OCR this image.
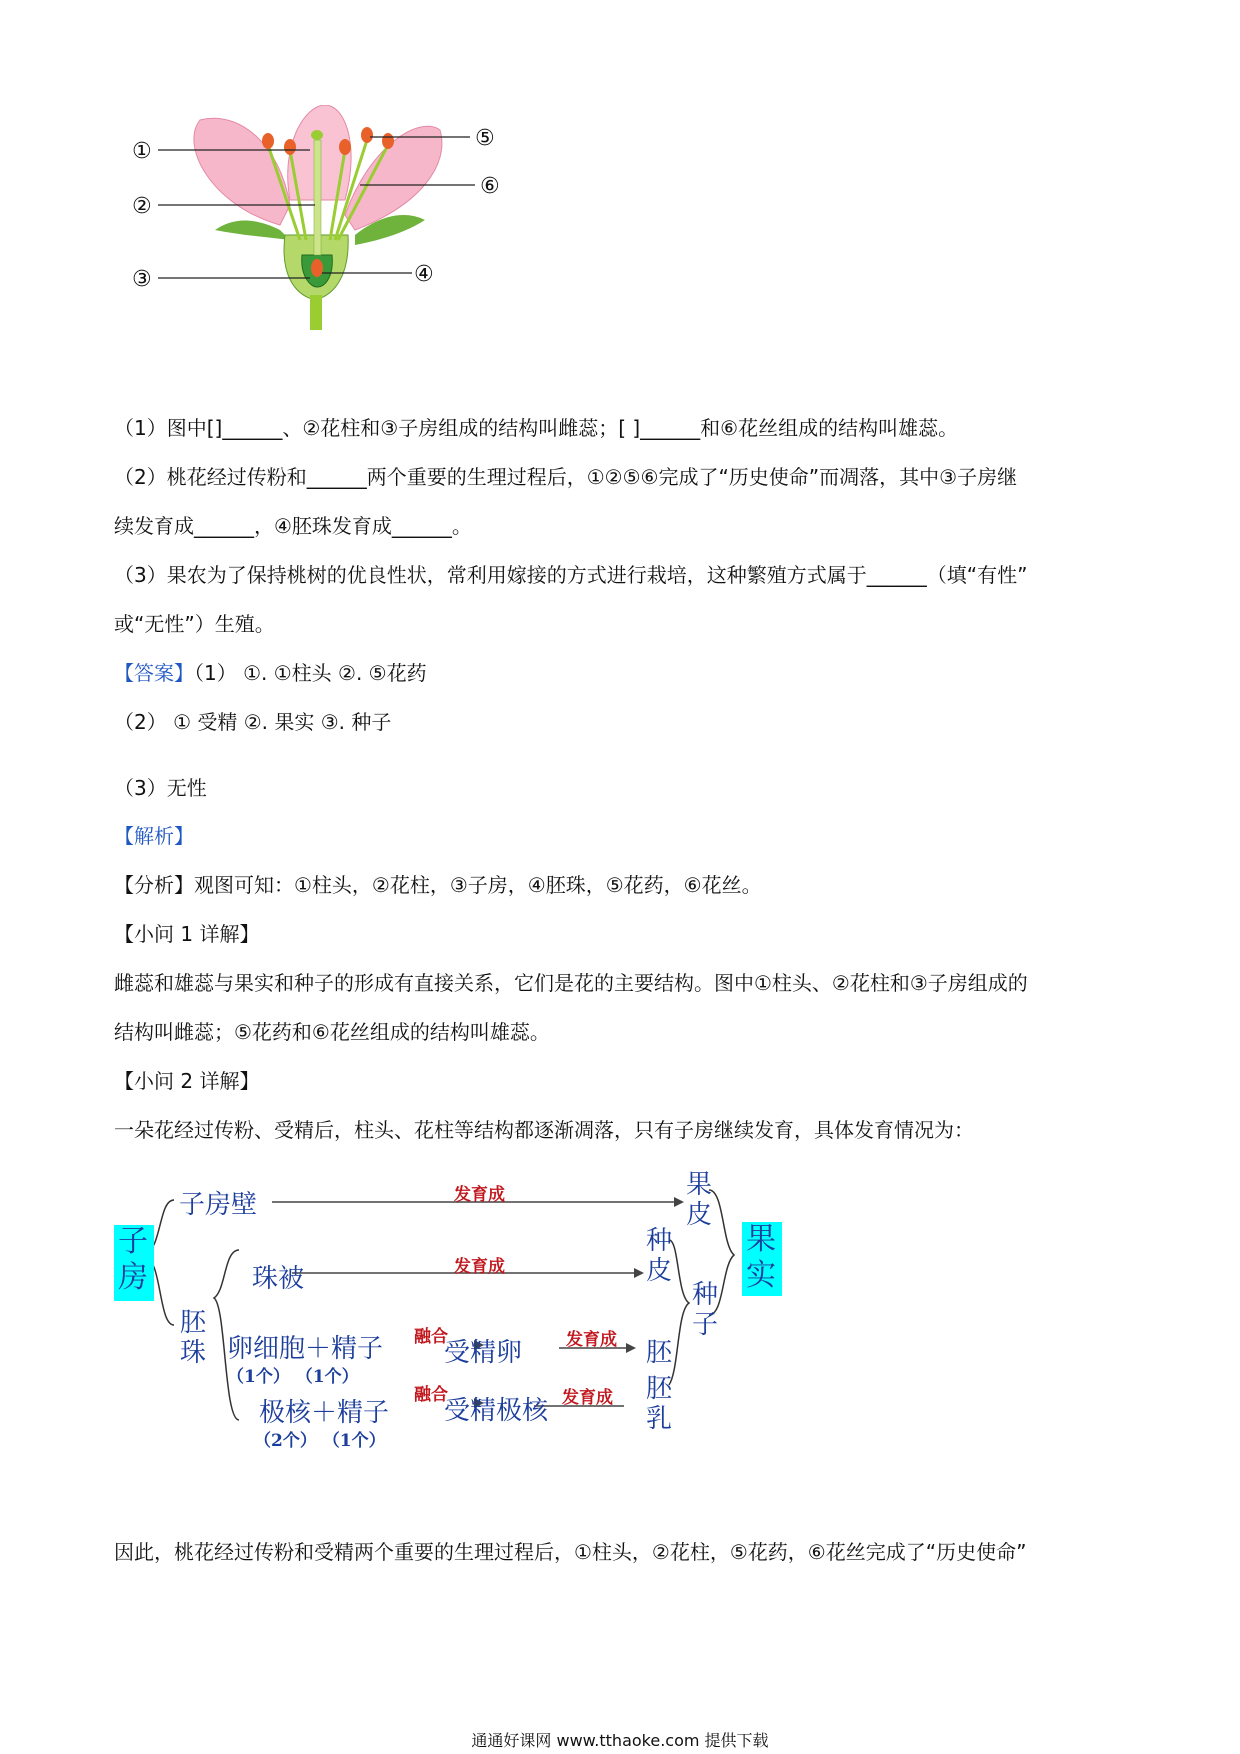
①
②
③	④
⑤
⑥
（1）图中[]______、②花柱和③子房组成的结构叫雌蕊；[ ]______和⑥花丝组成的结构叫雄蕊。
（2）桃花经过传粉和______两个重要的生理过程后，①②⑤⑥完成了“历史使命”而凋落，其中③子房继
续发育成______，④胚珠发育成______。
（3）果农为了保持桃树的优良性状，常利用嫁接的方式进行栽培，这种繁殖方式属于______（填“有性”
或“无性”）生殖。
【答案】（1） ①. ①柱头 ②. ⑤花药
（2） ① 受精 ②. 果实 ③. 种子
（3）无性
【解析】
【分析】观图可知：①柱头，②花柱，③子房，④胚珠，⑤花药，⑥花丝。
【小问 1 详解】
雌蕊和雄蕊与果实和种子的形成有直接关系，它们是花的主要结构。图中①柱头、②花柱和③子房组成的
结构叫雌蕊；⑤花药和⑥花丝组成的结构叫雄蕊。
【小问 2 详解】
一朵花经过传粉、受精后，柱头、花柱等结构都逐渐凋落，只有子房继续发育，具体发育情况为：
子房
子房壁	发育成	果皮
果实
珠被	发育成
种皮
胚珠 卵细胞＋精子
（1个） （1个）
融合
受精卵	发育成 胚
种子
极核＋精子
（2个） （1个）
融合
受精极核 发育成 胚乳
因此，桃花经过传粉和受精两个重要的生理过程后，①柱头，②花柱，⑤花药，⑥花丝完成了“历史使命”
通通好课网 www.tthaoke.com 提供下载
